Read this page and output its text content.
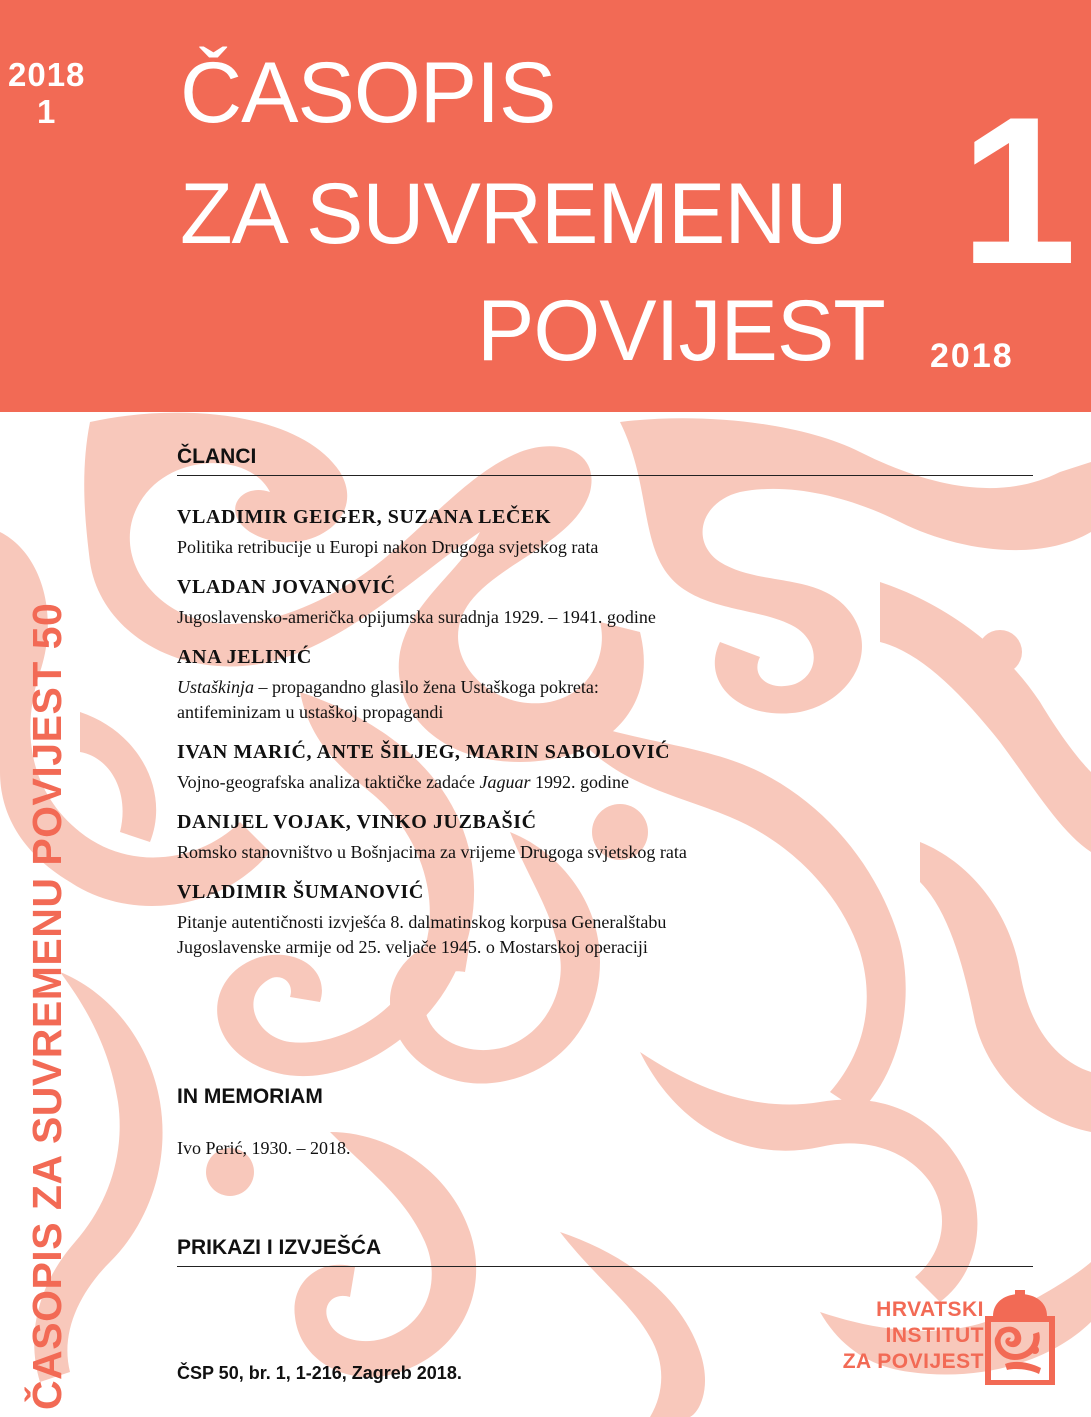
2018
1 ČASOPIS
ZA SUVREMENU
POVIJEST
1
2018
ČASOPIS ZA SUVREMENU POVIJEST 50
ČLANCI
VLADIMIR GEIGER, SUZANA LEČEK
Politika retribucije u Europi nakon Drugoga svjetskog rata
VLADAN JOVANOVIĆ
Jugoslavensko-američka opijumska suradnja 1929. – 1941. godine
ANA JELINIĆ
Ustaškinja – propagandno glasilo žena Ustaškoga pokreta:
antifeminizam u ustaškoj propagandi
IVAN MARIĆ, ANTE ŠILJEG, MARIN SABOLOVIĆ
Vojno-geografska analiza taktičke zadaće Jaguar 1992. godine
DANIJEL VOJAK, VINKO JUZBAŠIĆ
Romsko stanovništvo u Bošnjacima za vrijeme Drugoga svjetskog rata
VLADIMIR ŠUMANOVIĆ
Pitanje autentičnosti izvješća 8. dalmatinskog korpusa Generalštabu
Jugoslavenske armije od 25. veljače 1945. o Mostarskoj operaciji
IN MEMORIAM
Ivo Perić, 1930. – 2018.
PRIKAZI I IZVJEŠĆA
ČSP 50, br. 1, 1-216, Zagreb 2018.
HRVATSKI
INSTITUT
ZA POVIJEST
